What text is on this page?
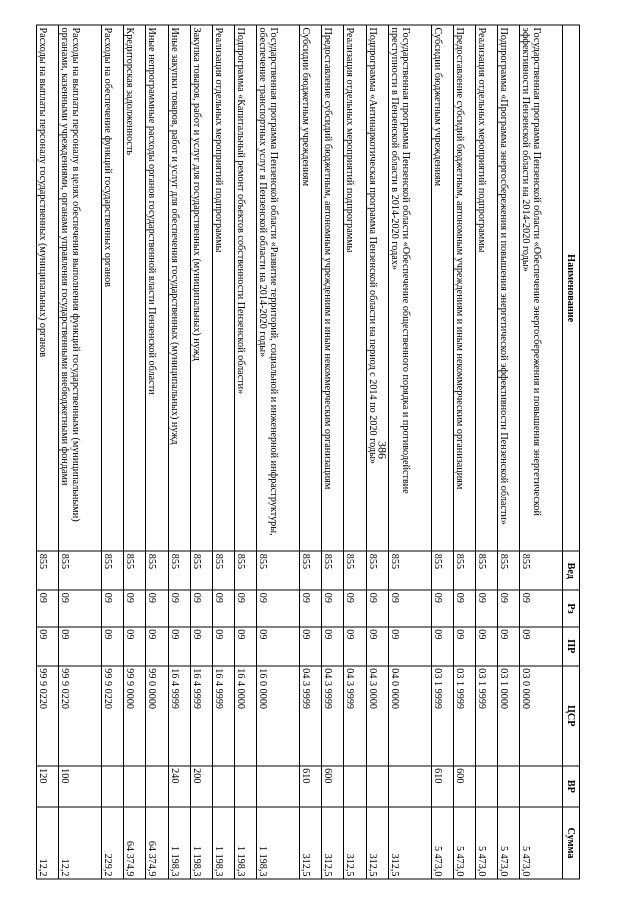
386
Наименование	Вед	Рз	ПР	ЦСР	ВР	Сумма
Государственная программа Пензенской области «Обеспечение энергосбережения и повышения энергетической эффективности Пензенской области на 2014-2020 годы»	855	09	09	03 0 0000		5 473,0
Подпрограмма «Программа энергосбережения и повышения энергетической эффективности Пензенской области»	855	09	09	03 1 0000		5 473,0
Реализация отдельных мероприятий подпрограммы	855	09	09	03 1 9999		5 473,0
Предоставление субсидий бюджетным, автономным учреждениям и иным некоммерческим организациям	855	09	09	03 1 9999	600	5 473,0
Субсидии бюджетным учреждениям	855	09	09	03 1 9999	610	5 473,0
Государственная программа Пензенской области «Обеспечение общественного порядка и противодействие преступности в Пензенской области в 2014-2020 годах»	855	09	09	04 0 0000		312,5
Подпрограмма «Антинаркотическая программа Пензенской области на период с 2014 по 2020 годы»	855	09	09	04 3 0000		312,5
Реализация отдельных мероприятий подпрограммы	855	09	09	04 3 9999		312,5
Предоставление субсидий бюджетным, автономным учреждениям и иным некоммерческим организациям	855	09	09	04 3 9999	600	312,5
Субсидии бюджетным учреждениям	855	09	09	04 3 9999	610	312,5
Государственная программа Пензенской области «Развитие территорий, социальной и инженерной инфраструктуры, обеспечение транспортных услуг в Пензенской области на 2014-2020 годы»	855	09	09	16 0 0000		1 198,3
Подпрограмма «Капитальный ремонт объектов собственности Пензенской области»	855	09	09	16 4 0000		1 198,3
Реализация отдельных мероприятий подпрограммы	855	09	09	16 4 9999		1 198,3
Закупка товаров, работ и услуг для государственных (муниципальных) нужд	855	09	09	16 4 9999	200	1 198,3
Иные закупки товаров, работ и услуг для обеспечения государственных (муниципальных) нужд	855	09	09	16 4 9999	240	1 198,3
Иные непрограммные расходы органов государственной власти Пензенской области	855	09	09	99 0 0000		64 374,9
Кредиторская задолженность	855	09	09	99 9 0000		64 374,9
Расходы на обеспечение функций государственных органов	855	09	09	99 9 0220		229,2
Расходы на выплаты персоналу в целях обеспечения выполнения функций государственными (муниципальными) органами, казенными учреждениями, органами управления государственными внебюджетными фондами	855	09	09	99 9 0220	100	12,2
Расходы на выплаты персоналу государственных (муниципальных) органов	855	09	09	99 9 0220	120	12,2
